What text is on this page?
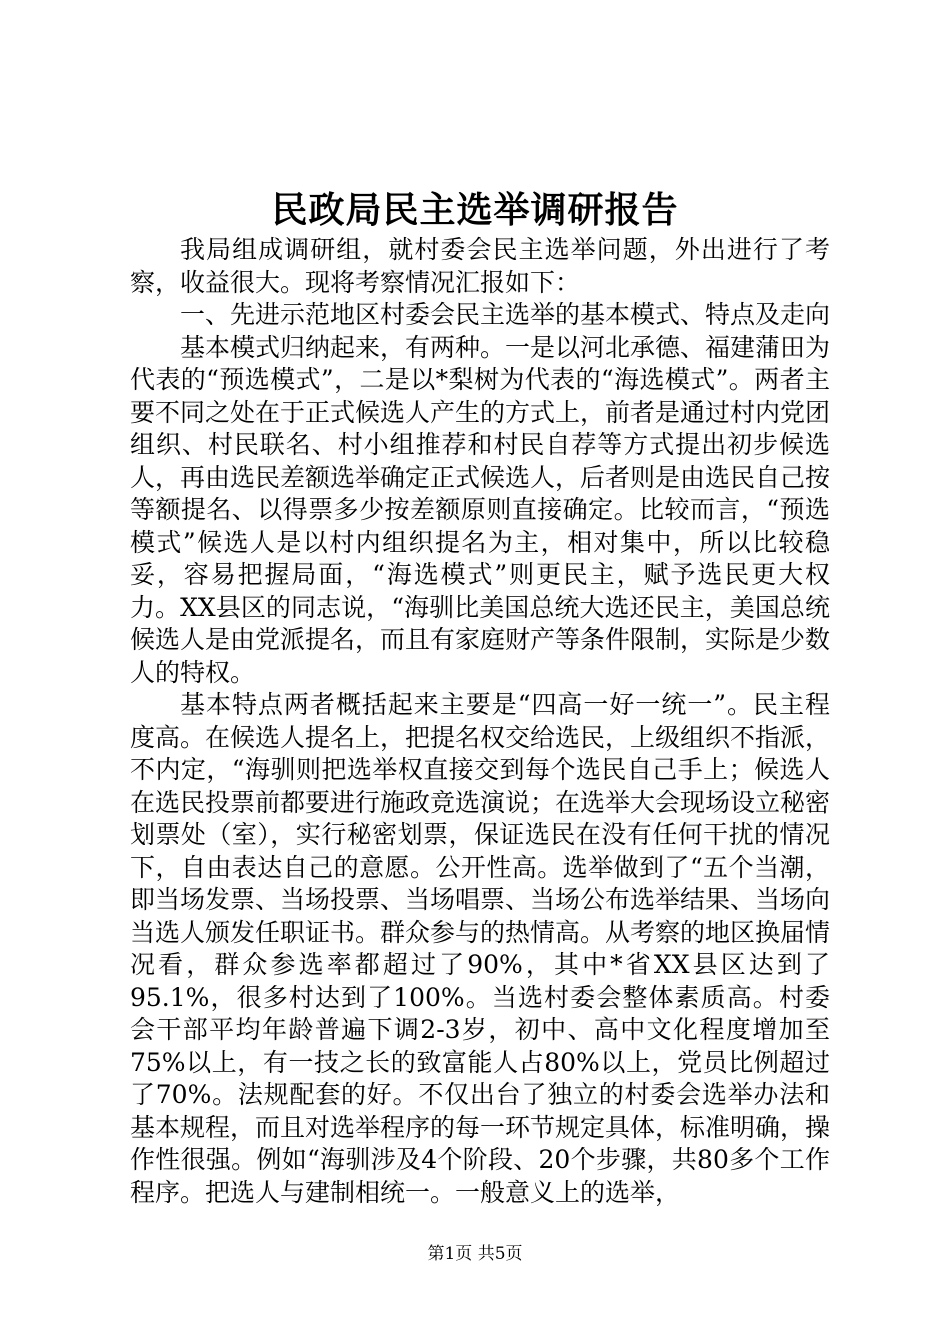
民政局民主选举调研报告

我局组成调研组，就村委会民主选举问题，外出进行了考察，收益很大。现将考察情况汇报如下：

一、先进示范地区村委会民主选举的基本模式、特点及走向

基本模式归纳起来，有两种。一是以河北承德、福建蒲田为代表的“预选模式”，二是以*梨树为代表的“海选模式”。两者主要不同之处在于正式候选人产生的方式上，前者是通过村内党团组织、村民联名、村小组推荐和村民自荐等方式提出初步候选人，再由选民差额选举确定正式候选人，后者则是由选民自己按等额提名、以得票多少按差额原则直接确定。比较而言，“预选模式”候选人是以村内组织提名为主，相对集中，所以比较稳妥，容易把握局面，“海选模式”则更民主，赋予选民更大权力。XX县区的同志说，“海驯比美国总统大选还民主，美国总统候选人是由党派提名，而且有家庭财产等条件限制，实际是少数人的特权。

基本特点两者概括起来主要是“四高一好一统一”。民主程度高。在候选人提名上，把提名权交给选民，上级组织不指派，不内定，“海驯则把选举权直接交到每个选民自己手上；候选人在选民投票前都要进行施政竞选演说；在选举大会现场设立秘密划票处（室），实行秘密划票，保证选民在没有任何干扰的情况下，自由表达自己的意愿。公开性高。选举做到了“五个当潮，即当场发票、当场投票、当场唱票、当场公布选举结果、当场向当选人颁发任职证书。群众参与的热情高。从考察的地区换届情况看，群众参选率都超过了90%，其中*省XX县区达到了95.1%，很多村达到了100%。当选村委会整体素质高。村委会干部平均年龄普遍下调2-3岁，初中、高中文化程度增加至75%以上，有一技之长的致富能人占80%以上，党员比例超过了70%。法规配套的好。不仅出台了独立的村委会选举办法和基本规程，而且对选举程序的每一环节规定具体，标准明确，操作性很强。例如“海驯涉及4个阶段、20个步骤，共80多个工作程序。把选人与建制相统一。一般意义上的选举，

第1页 共5页
